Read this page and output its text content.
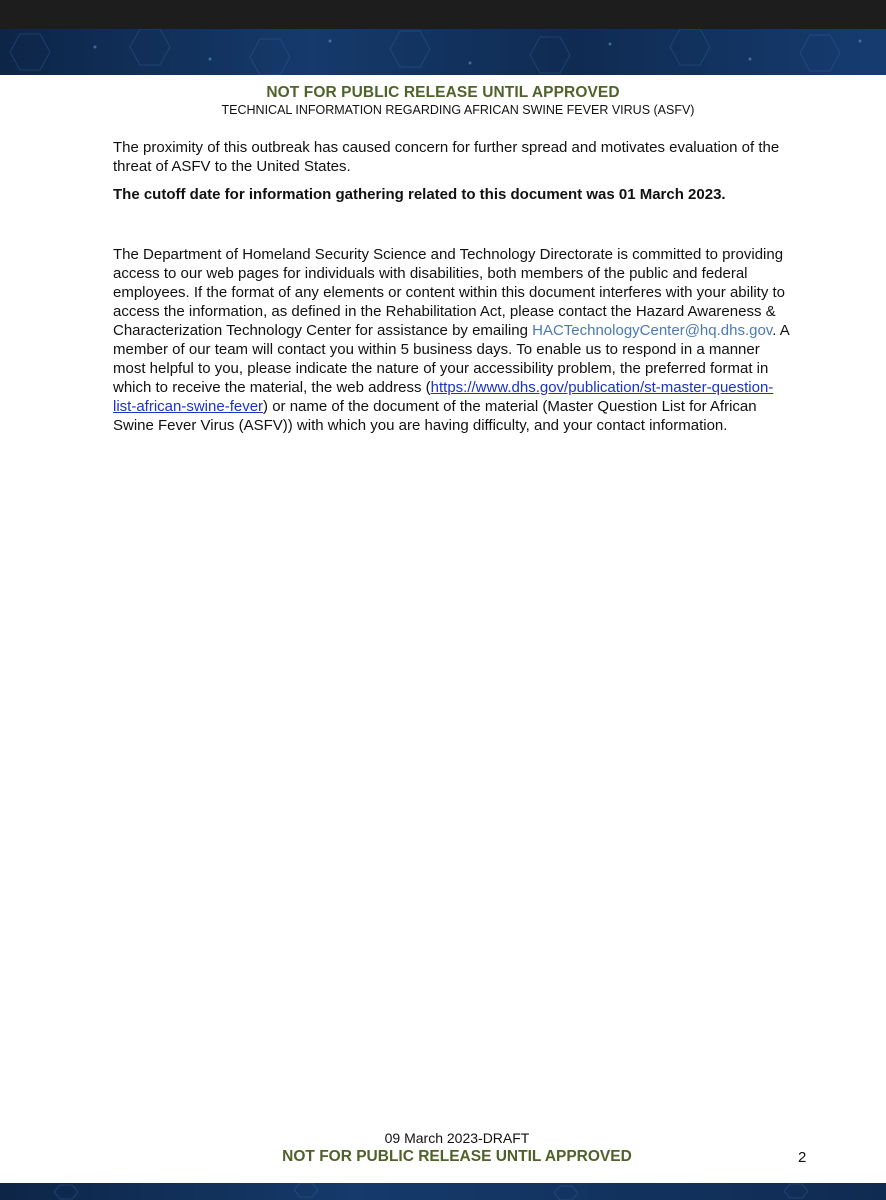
NOT FOR PUBLIC RELEASE UNTIL APPROVED

TECHNICAL INFORMATION REGARDING AFRICAN SWINE FEVER VIRUS (ASFV)

The proximity of this outbreak has caused concern for further spread and motivates evaluation of the threat of ASFV to the United States.

The cutoff date for information gathering related to this document was 01 March 2023.

The Department of Homeland Security Science and Technology Directorate is committed to providing access to our web pages for individuals with disabilities, both members of the public and federal employees. If the format of any elements or content within this document interferes with your ability to access the information, as defined in the Rehabilitation Act, please contact the Hazard Awareness & Characterization Technology Center for assistance by emailing HACTechnologyCenter@hq.dhs.gov. A member of our team will contact you within 5 business days. To enable us to respond in a manner most helpful to you, please indicate the nature of your accessibility problem, the preferred format in which to receive the material, the web address (https://www.dhs.gov/publication/st-master-question-list-african-swine-fever) or name of the document of the material (Master Question List for African Swine Fever Virus (ASFV)) with which you are having difficulty, and your contact information.

09 March 2023-DRAFT

NOT FOR PUBLIC RELEASE UNTIL APPROVED	2
